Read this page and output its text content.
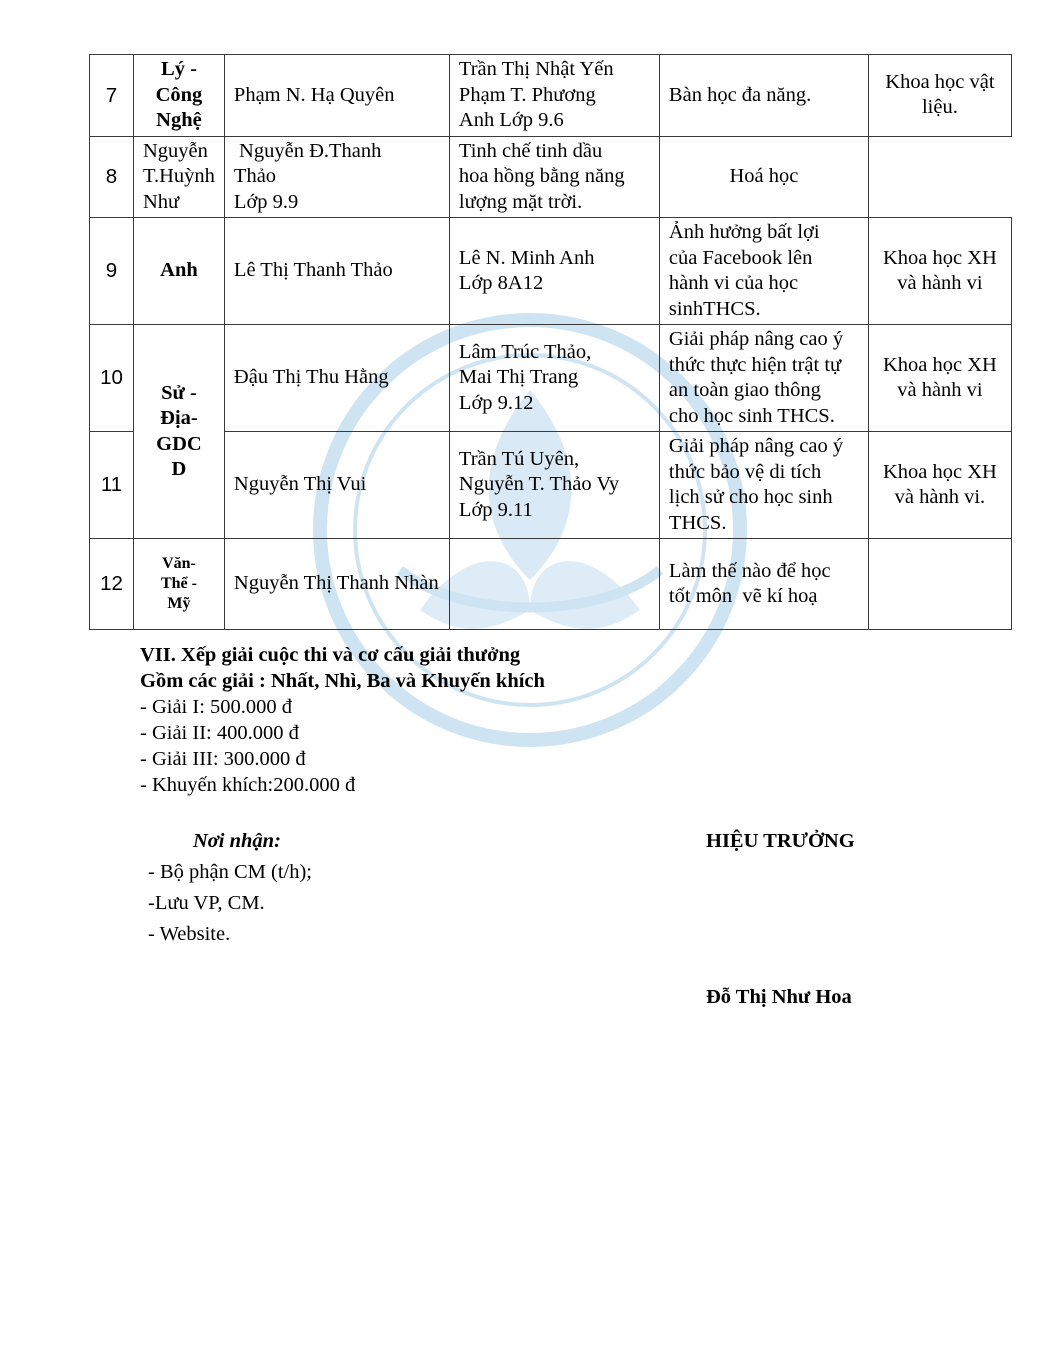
7	Lý -
Công
Nghệ	Phạm N. Hạ Quyên	Trần Thị Nhật Yến
Phạm T. Phương
Anh Lớp 9.6	Bàn học đa năng.	Khoa học vật
liệu.

8	Nguyễn T.Huỳnh Như	Nguyễn Đ.Thanh
Thảo
Lớp 9.9	Tinh chế tinh dầu
hoa hồng bằng năng
lượng mặt trời.	Hoá học	

9	Anh	Lê Thị Thanh Thảo	Lê N. Minh Anh
Lớp 8A12	Ảnh hưởng bất lợi
của Facebook lên
hành vi của học
sinhTHCS.	Khoa học XH
và hành vi

10	Sử -
Địa-
GDC
D	Đậu Thị Thu Hằng	Lâm Trúc Thảo,
Mai Thị Trang
Lớp 9.12	Giải pháp nâng cao ý
thức thực hiện trật tự
an toàn giao thông
cho học sinh THCS.	Khoa học XH
và hành vi

11		Nguyễn Thị Vui	Trần Tú Uyên,
Nguyễn T. Thảo Vy
Lớp 9.11	Giải pháp nâng cao ý
thức bảo vệ di tích
lịch sử cho học sinh
THCS.	Khoa học XH
và hành vi.

12	Văn-
Thể -
Mỹ	Nguyễn Thị Thanh Nhàn		Làm thế nào để học
tốt môn  vẽ kí hoạ	

VII. Xếp giải cuộc thi và cơ cấu giải thưởng
Gồm các giải : Nhất, Nhì, Ba và Khuyến khích
- Giải I: 500.000 đ
- Giải II: 400.000 đ
- Giải III: 300.000 đ
- Khuyến khích:200.000 đ
Nơi nhận:
- Bộ phận CM (t/h);
-Lưu VP, CM.
- Website.
HIỆU TRƯỞNG
Đỗ Thị Như Hoa
